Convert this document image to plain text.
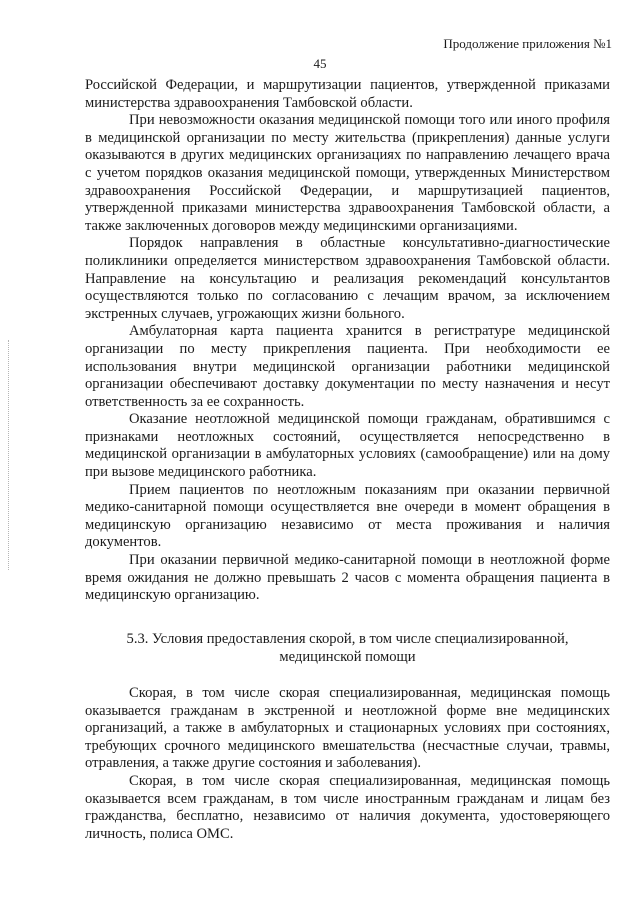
Продолжение приложения №1
45

Российской Федерации, и маршрутизации пациентов, утвержденной приказами министерства здравоохранения Тамбовской области.

При невозможности оказания медицинской помощи того или иного профиля в медицинской организации по месту жительства (прикрепления) данные услуги оказываются в других медицинских организациях по направлению лечащего врача с учетом порядков оказания медицинской помощи, утвержденных Министерством здравоохранения Российской Федерации, и маршрутизацией пациентов, утвержденной приказами министерства здравоохранения Тамбовской области, а также заключенных договоров между медицинскими организациями.

Порядок направления в областные консультативно-диагностические поликлиники определяется министерством здравоохранения Тамбовской области. Направление на консультацию и реализация рекомендаций консультантов осуществляются только по согласованию с лечащим врачом, за исключением экстренных случаев, угрожающих жизни больного.

Амбулаторная карта пациента хранится в регистратуре медицинской организации по месту прикрепления пациента. При необходимости ее использования внутри медицинской организации работники медицинской организации обеспечивают доставку документации по месту назначения и несут ответственность за ее сохранность.

Оказание неотложной медицинской помощи гражданам, обратившимся с признаками неотложных состояний, осуществляется непосредственно в медицинской организации в амбулаторных условиях (самообращение) или на дому при вызове медицинского работника.

Прием пациентов по неотложным показаниям при оказании первичной медико-санитарной помощи осуществляется вне очереди в момент обращения в медицинскую организацию независимо от места проживания и наличия документов.

При оказании первичной медико-санитарной помощи в неотложной форме время ожидания не должно превышать 2 часов с момента обращения пациента в медицинскую организацию.

5.3. Условия предоставления скорой, в том числе специализированной,
медицинской помощи

Скорая, в том числе скорая специализированная, медицинская помощь оказывается гражданам в экстренной и неотложной форме вне медицинских организаций, а также в амбулаторных и стационарных условиях при состояниях, требующих срочного медицинского вмешательства (несчастные случаи, травмы, отравления, а также другие состояния и заболевания).

Скорая, в том числе скорая специализированная, медицинская помощь оказывается всем гражданам, в том числе иностранным гражданам и лицам без гражданства, бесплатно, независимо от наличия документа, удостоверяющего личность, полиса ОМС.
